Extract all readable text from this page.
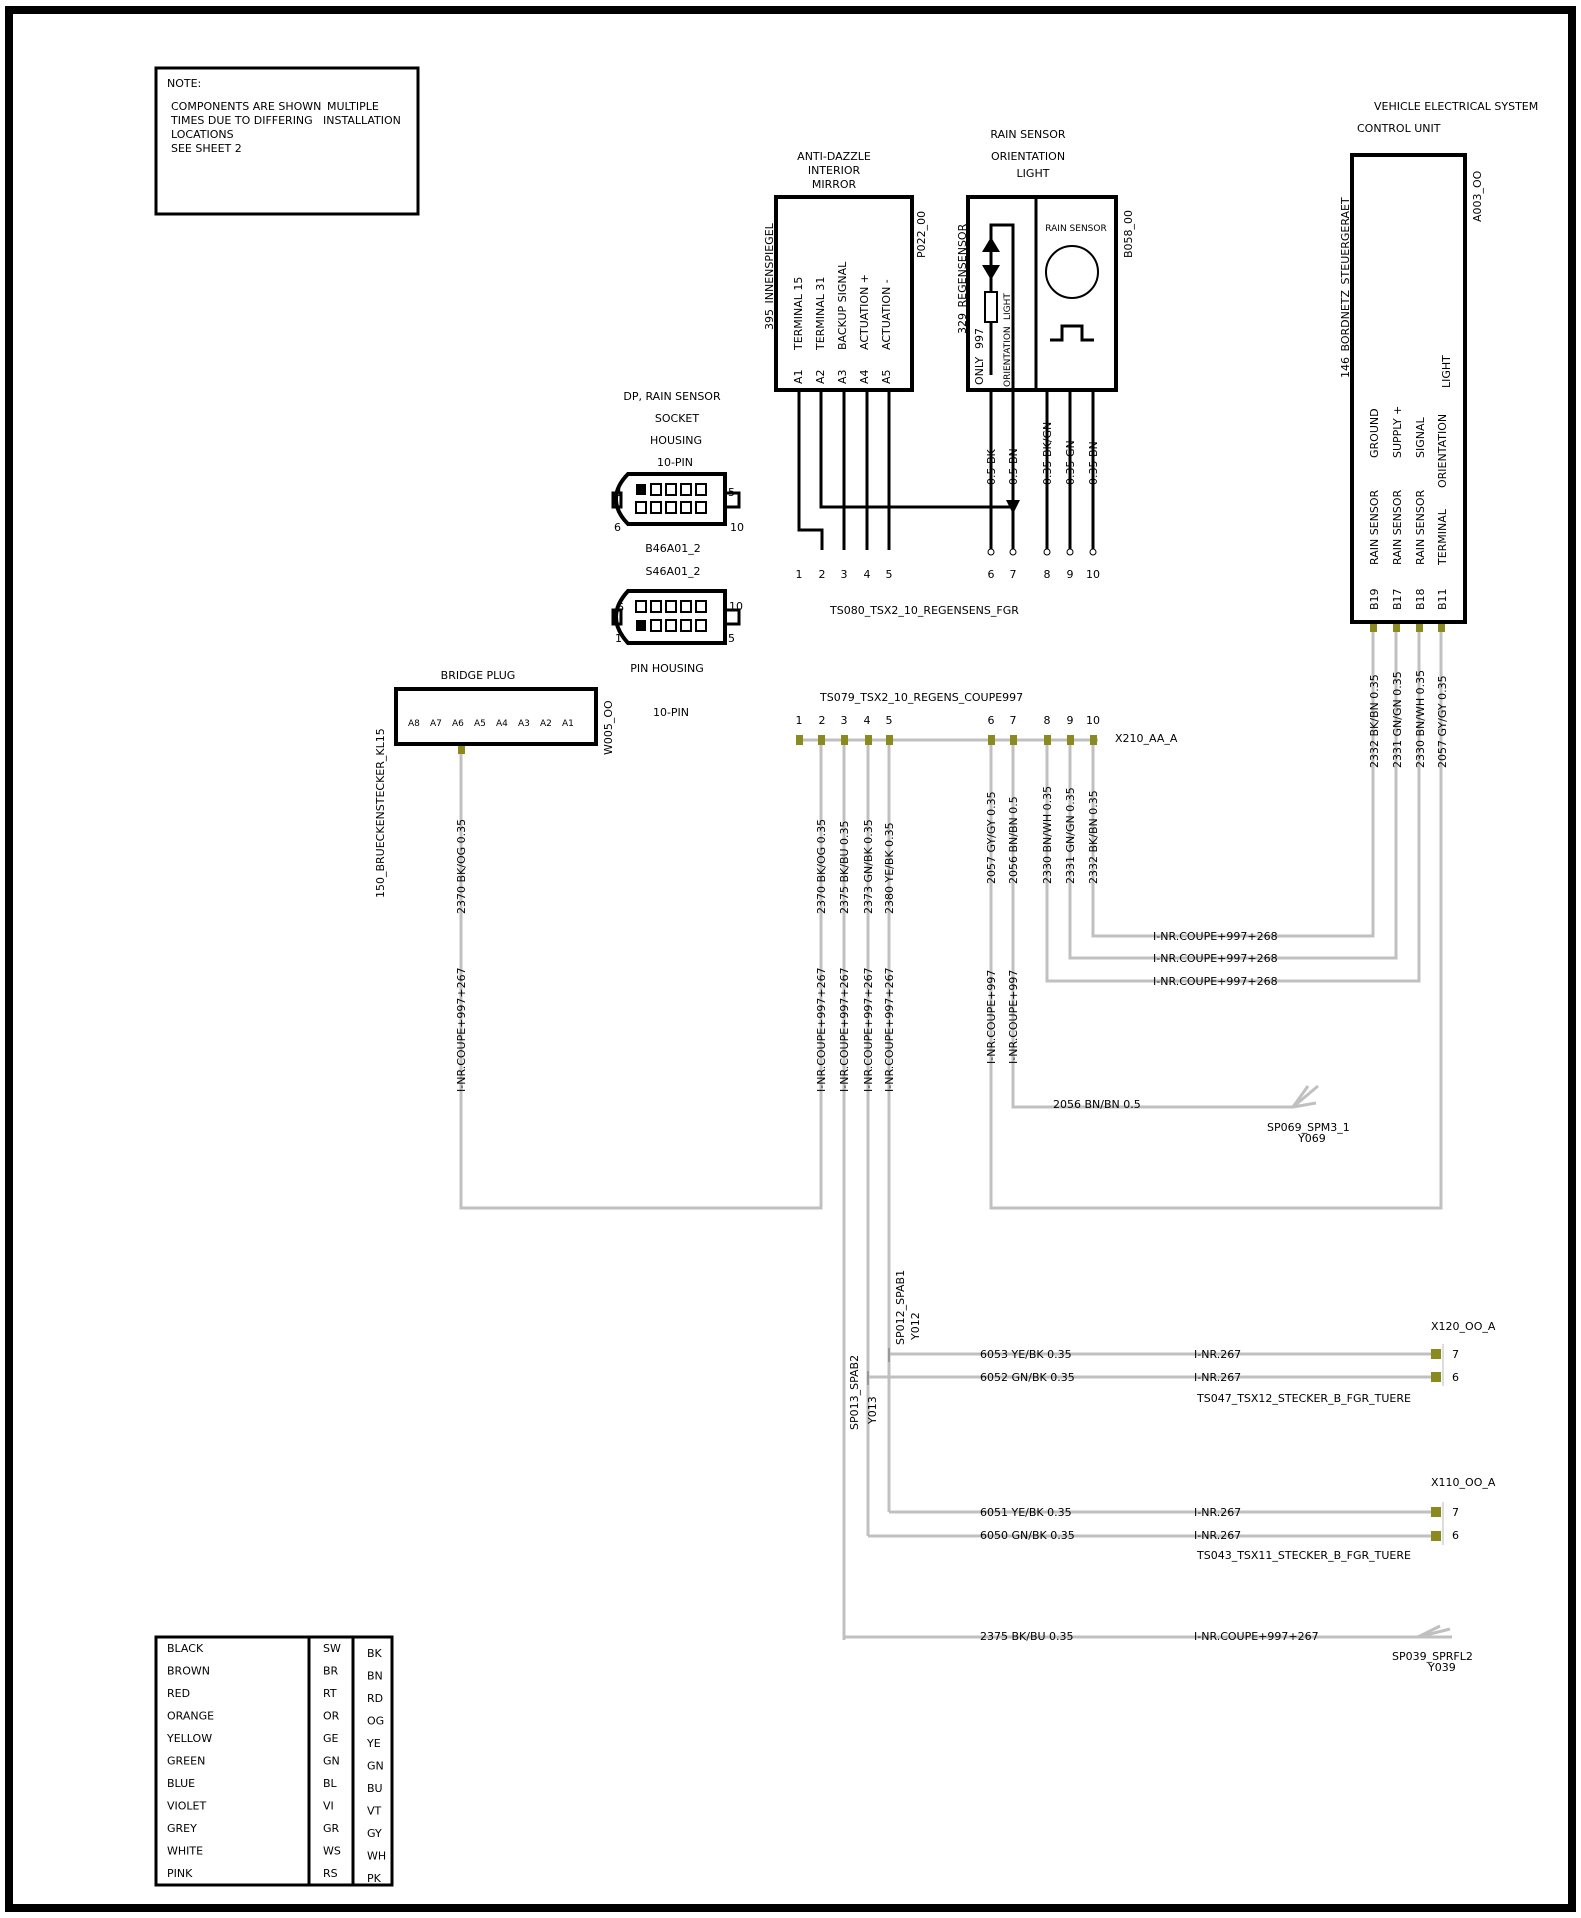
NOTE:
COMPONENTS ARE SHOWN MULTIPLE
TIMES DUE TO DIFFERING INSTALLATION
LOCATIONS
SEE SHEET 2
ANTI-DAZZLE
INTERIOR
MIRROR
P022_00
395_INNENSPIEGEL TERMINAL 15 TERMINAL 31 BACKUP SIGNAL ACTUATION + ACTUATION -
A1 A2 A3 A4 A5
RAIN SENSOR
ORIENTATION
LIGHT
B058_00
329_REGENSENSOR
ONLY
997 ORIENTATION
LIGHT
RAIN SENSOR
0.5 BK 0.5 BN 0.35 BK/GN 0.35 GN 0.35 BN
1 2 3 4 5	6 7 8 9 10
TS080_TSX2_10_REGENSENS_FGR
VEHICLE ELECTRICAL SYSTEM
CONTROL UNIT
A003_OO
146_BORDNETZ_STEUERGERAET
RAIN SENSOR RAIN SENSOR RAIN SENSOR TERMINAL
GROUND SUPPLY + SIGNAL ORIENTATION
LIGHT
B19 B17 B18 B11
2332 BK/BN 0.35 2331 GN/GN 0.35 2330 BN/WH 0.35 2057 GY/GY 0.35
DP, RAIN SENSOR
SOCKET
HOUSING
10-PIN
1	5
6	10
B46A01_2
S46A01_2
6	10
1	5
PIN HOUSING
10-PIN
BRIDGE PLUG
A8 A7 A6 A5 A4 A3 A2 A1	W005_OO
150_BRUECKENSTECKER_KL15
TS079_TSX2_10_REGENS_COUPE997
X210_AA_A
1 2 3 4 5	6 7 8 9 10
2370 BK/OG 0.35
I-NR.COUPE+997+267
2370 BK/OG 0.35 2375 BK/BU 0.35 2373 GN/BK 0.35 2380 YE/BK 0.35
I-NR.COUPE+997+267 I-NR.COUPE+997+267 I-NR.COUPE+997+267 I-NR.COUPE+997+267
2057 GY/GY 0.35 2056 BN/BN 0.5 2330 BN/WH 0.35 2331 GN/GN 0.35 2332 BK/BN 0.35
I-NR.COUPE+997 I-NR.COUPE+997
I-NR.COUPE+997+268
I-NR.COUPE+997+268
I-NR.COUPE+997+268
2056 BN/BN 0.5
6053 YE/BK 0.35
6052 GN/BK 0.35
6051 YE/BK 0.35
6050 GN/BK 0.35
2375 BK/BU 0.35
I-NR.267
I-NR.267
I-NR.267
I-NR.267
I-NR.COUPE+997+267
SP069_SPM3_1
Y069
SP012_SPAB1 Y012
SP013_SPAB2 Y013
SP039_SPRFL2
Y039
X120_OO_A
7
6
TS047_TSX12_STECKER_B_FGR_TUERE
X110_OO_A
7
6
TS043_TSX11_STECKER_B_FGR_TUERE
BLACK	SW BK
BROWN	BR	BN
RED	RT	RD
ORANGE	OR	OG
YELLOW	GE	YE
GREEN	GN GN
BLUE	BL	BU
VIOLET	VI	VT
GREY	GR	GY
WHITE	WS WH
PINK	RS	PK
